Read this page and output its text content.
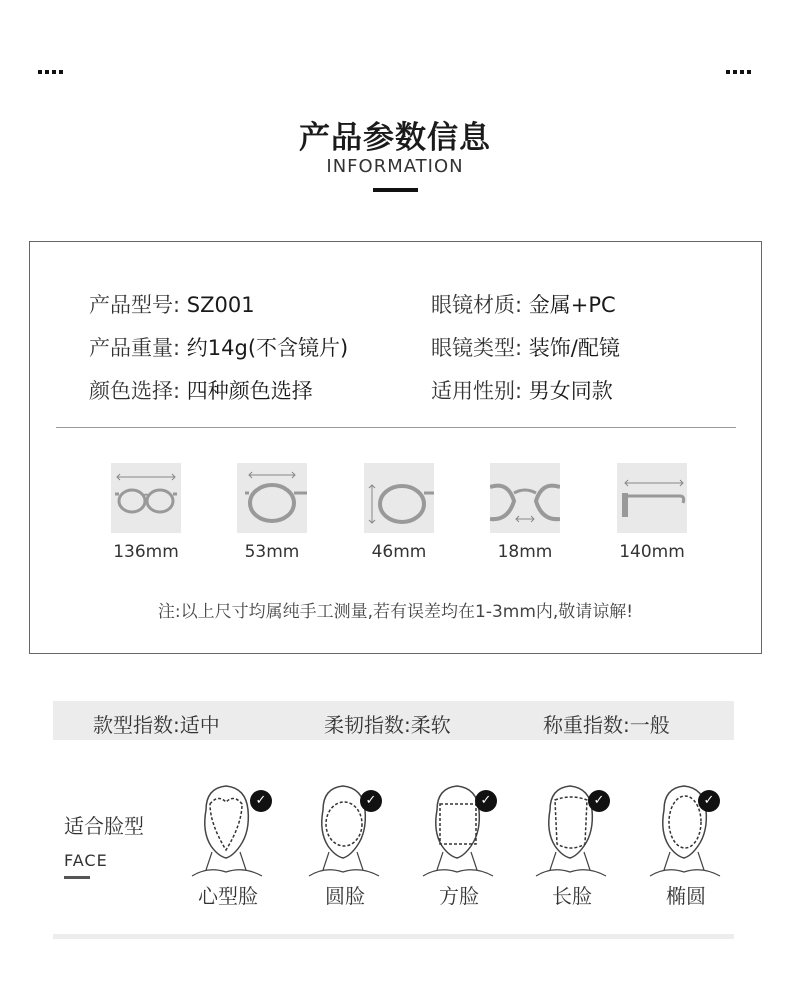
产品参数信息
INFORMATION
产品型号: SZ001	眼镜材质: 金属+PC
产品重量: 约14g(不含镜片)	眼镜类型: 装饰/配镜
颜色选择: 四种颜色选择	适用性别: 男女同款
136mm	53mm	46mm	18mm	140mm
注:以上尺寸均属纯手工测量,若有误差均在1-3mm内,敬请谅解!
款型指数:适中	柔韧指数:柔软	称重指数:一般
适合脸型
FACE
✓
心型脸
✓
圆脸
✓
方脸
✓
长脸
✓
椭圆
